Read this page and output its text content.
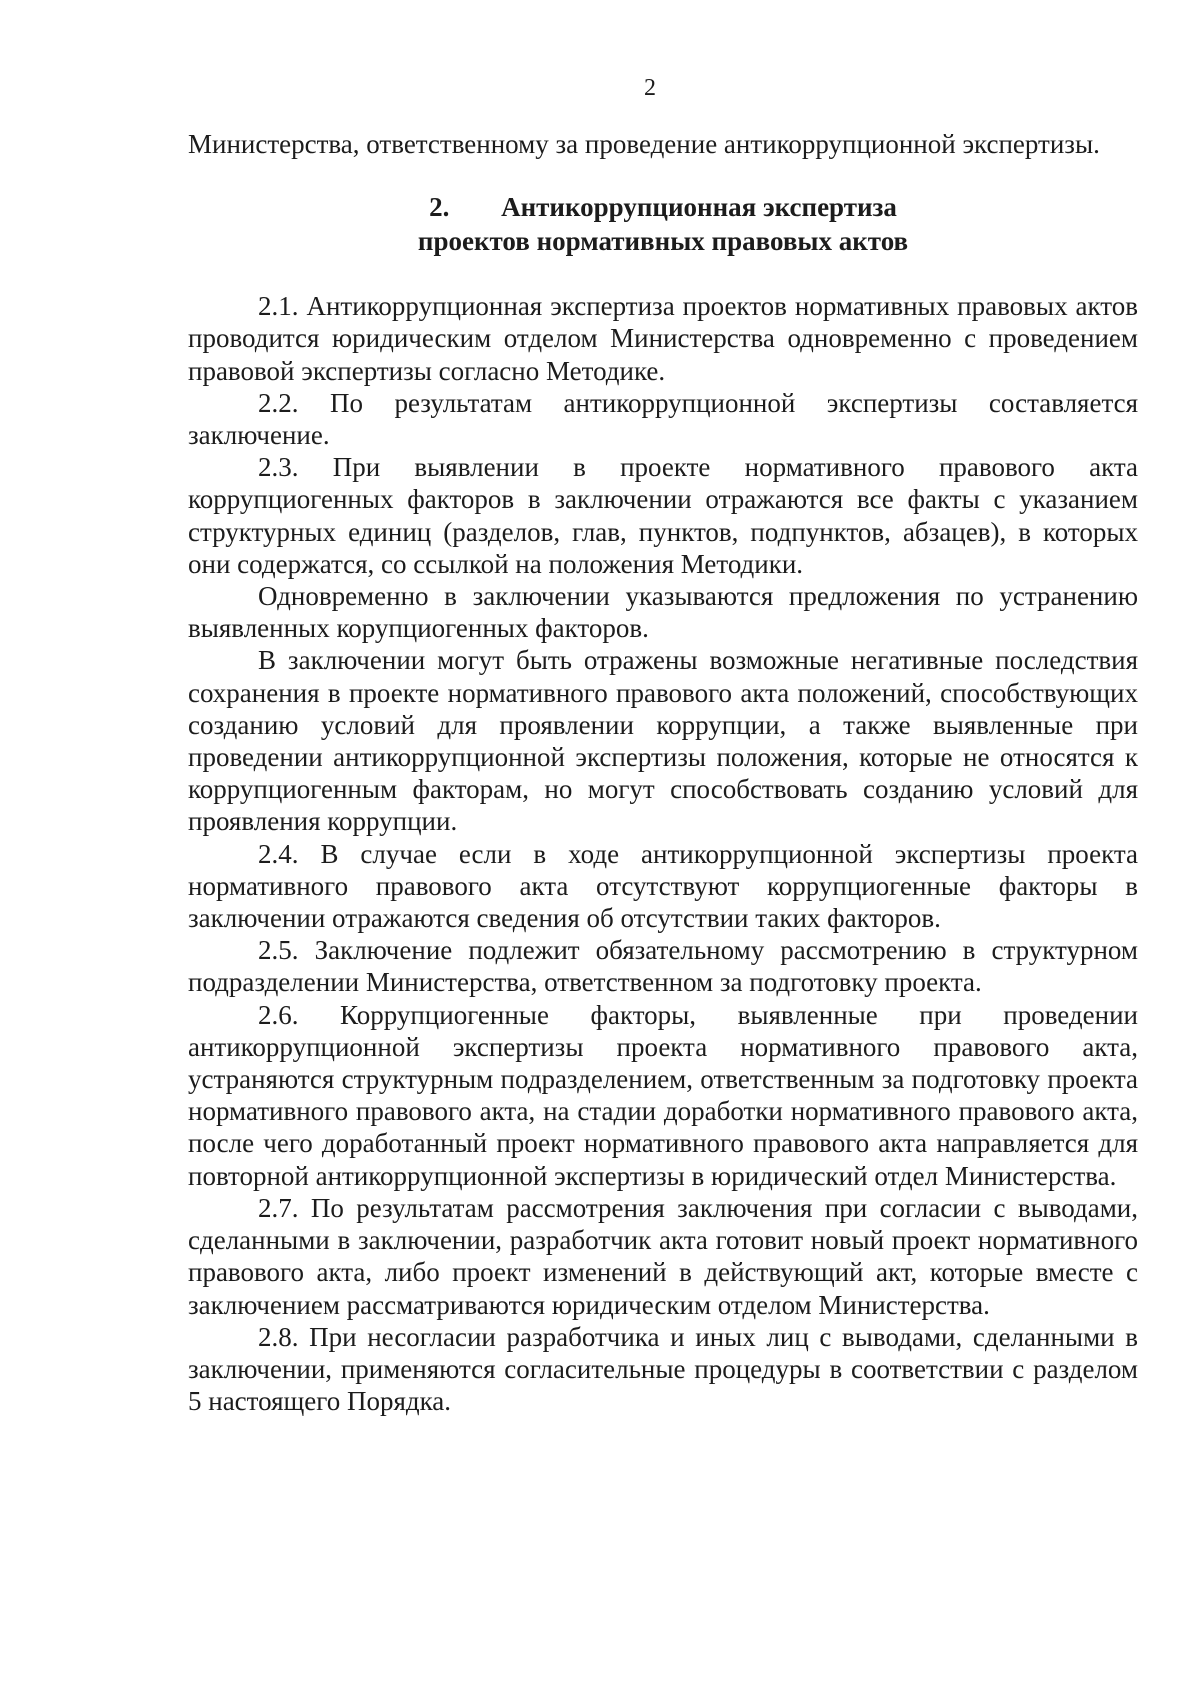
2

Министерства, ответственному за проведение антикоррупционной экспертизы.

2. Антикоррупционная экспертиза
проектов нормативных правовых актов

2.1. Антикоррупционная экспертиза проектов нормативных правовых актов проводится юридическим отделом Министерства одновременно с проведением правовой экспертизы согласно Методике.

2.2. По результатам антикоррупционной экспертизы составляется заключение.

2.3. При выявлении в проекте нормативного правового акта коррупциогенных факторов в заключении отражаются все факты с указанием структурных единиц (разделов, глав, пунктов, подпунктов, абзацев), в которых они содержатся, со ссылкой на положения Методики.

Одновременно в заключении указываются предложения по устранению выявленных корупциогенных факторов.

В заключении могут быть отражены возможные негативные последствия сохранения в проекте нормативного правового акта положений, способствующих созданию условий для проявлении коррупции, а также выявленные при проведении антикоррупционной экспертизы положения, которые не относятся к коррупциогенным факторам, но могут способствовать созданию условий для проявления коррупции.

2.4. В случае если в ходе антикоррупционной экспертизы проекта нормативного правового акта отсутствуют коррупциогенные факторы в заключении отражаются сведения об отсутствии таких факторов.

2.5. Заключение подлежит обязательному рассмотрению в структурном подразделении Министерства, ответственном за подготовку проекта.

2.6. Коррупциогенные факторы, выявленные при проведении антикоррупционной экспертизы проекта нормативного правового акта, устраняются структурным подразделением, ответственным за подготовку проекта нормативного правового акта, на стадии доработки нормативного правового акта, после чего доработанный проект нормативного правового акта направляется для повторной антикоррупционной экспертизы в юридический отдел Министерства.

2.7. По результатам рассмотрения заключения при согласии с выводами, сделанными в заключении, разработчик акта готовит новый проект нормативного правового акта, либо проект изменений в действующий акт, которые вместе с заключением рассматриваются юридическим отделом Министерства.

2.8. При несогласии разработчика и иных лиц с выводами, сделанными в заключении, применяются согласительные процедуры в соответствии с разделом 5 настоящего Порядка.
